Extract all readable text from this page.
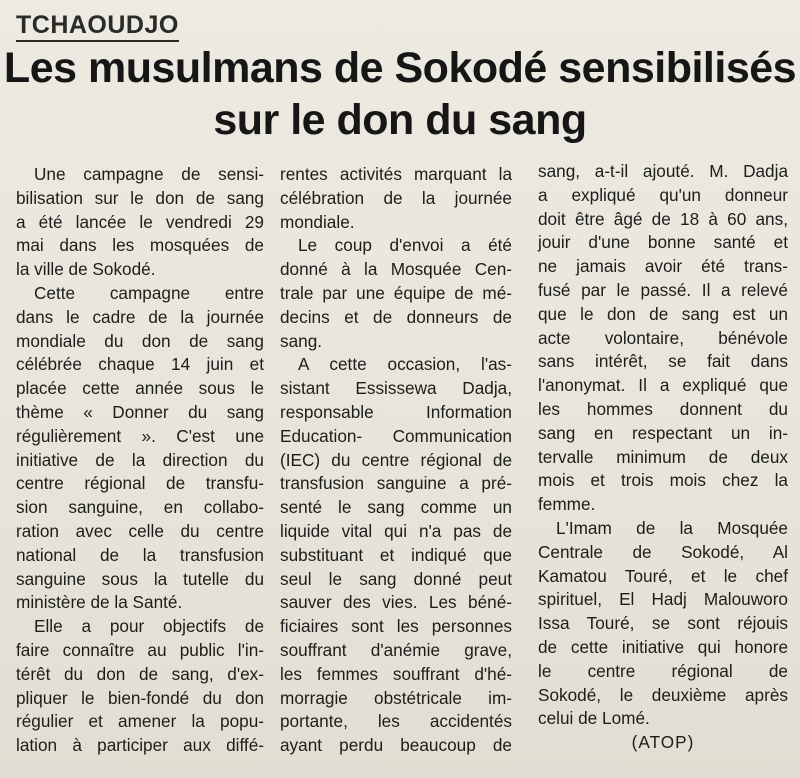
TCHAOUDJO
Les musulmans de Sokodé sensibilisés
sur le don du sang
Une campagne de sensi-
bilisation sur le don de sang
a été lancée le vendredi 29
mai dans les mosquées de
la ville de Sokodé.
Cette campagne entre
dans le cadre de la journée
mondiale du don de sang
célébrée chaque 14 juin et
placée cette année sous le
thème « Donner du sang
régulièrement ». C'est une
initiative de la direction du
centre régional de transfu-
sion sanguine, en collabo-
ration avec celle du centre
national de la transfusion
sanguine sous la tutelle du
ministère de la Santé.
Elle a pour objectifs de
faire connaître au public l'in-
térêt du don de sang, d'ex-
pliquer le bien-fondé du don
régulier et amener la popu-
lation à participer aux diffé-
rentes activités marquant la
célébration de la journée
mondiale.
Le coup d'envoi a été
donné à la Mosquée Cen-
trale par une équipe de mé-
decins et de donneurs de
sang.
A cette occasion, l'as-
sistant Essissewa Dadja,
responsable Information
Education- Communication
(IEC) du centre régional de
transfusion sanguine a pré-
senté le sang comme un
liquide vital qui n'a pas de
substituant et indiqué que
seul le sang donné peut
sauver des vies. Les béné-
ficiaires sont les personnes
souffrant d'anémie grave,
les femmes souffrant d'hé-
morragie obstétricale im-
portante, les accidentés
ayant perdu beaucoup de
sang, a-t-il ajouté. M. Dadja
a expliqué qu'un donneur
doit être âgé de 18 à 60 ans,
jouir d'une bonne santé et
ne jamais avoir été trans-
fusé par le passé. Il a relevé
que le don de sang est un
acte volontaire, bénévole
sans intérêt, se fait dans
l'anonymat. Il a expliqué que
les hommes donnent du
sang en respectant un in-
tervalle minimum de deux
mois et trois mois chez la
femme.
L'Imam de la Mosquée
Centrale de Sokodé, Al
Kamatou Touré, et le chef
spirituel, El Hadj Malouworo
Issa Touré, se sont réjouis
de cette initiative qui honore
le centre régional de
Sokodé, le deuxième après
celui de Lomé.
(ATOP)
